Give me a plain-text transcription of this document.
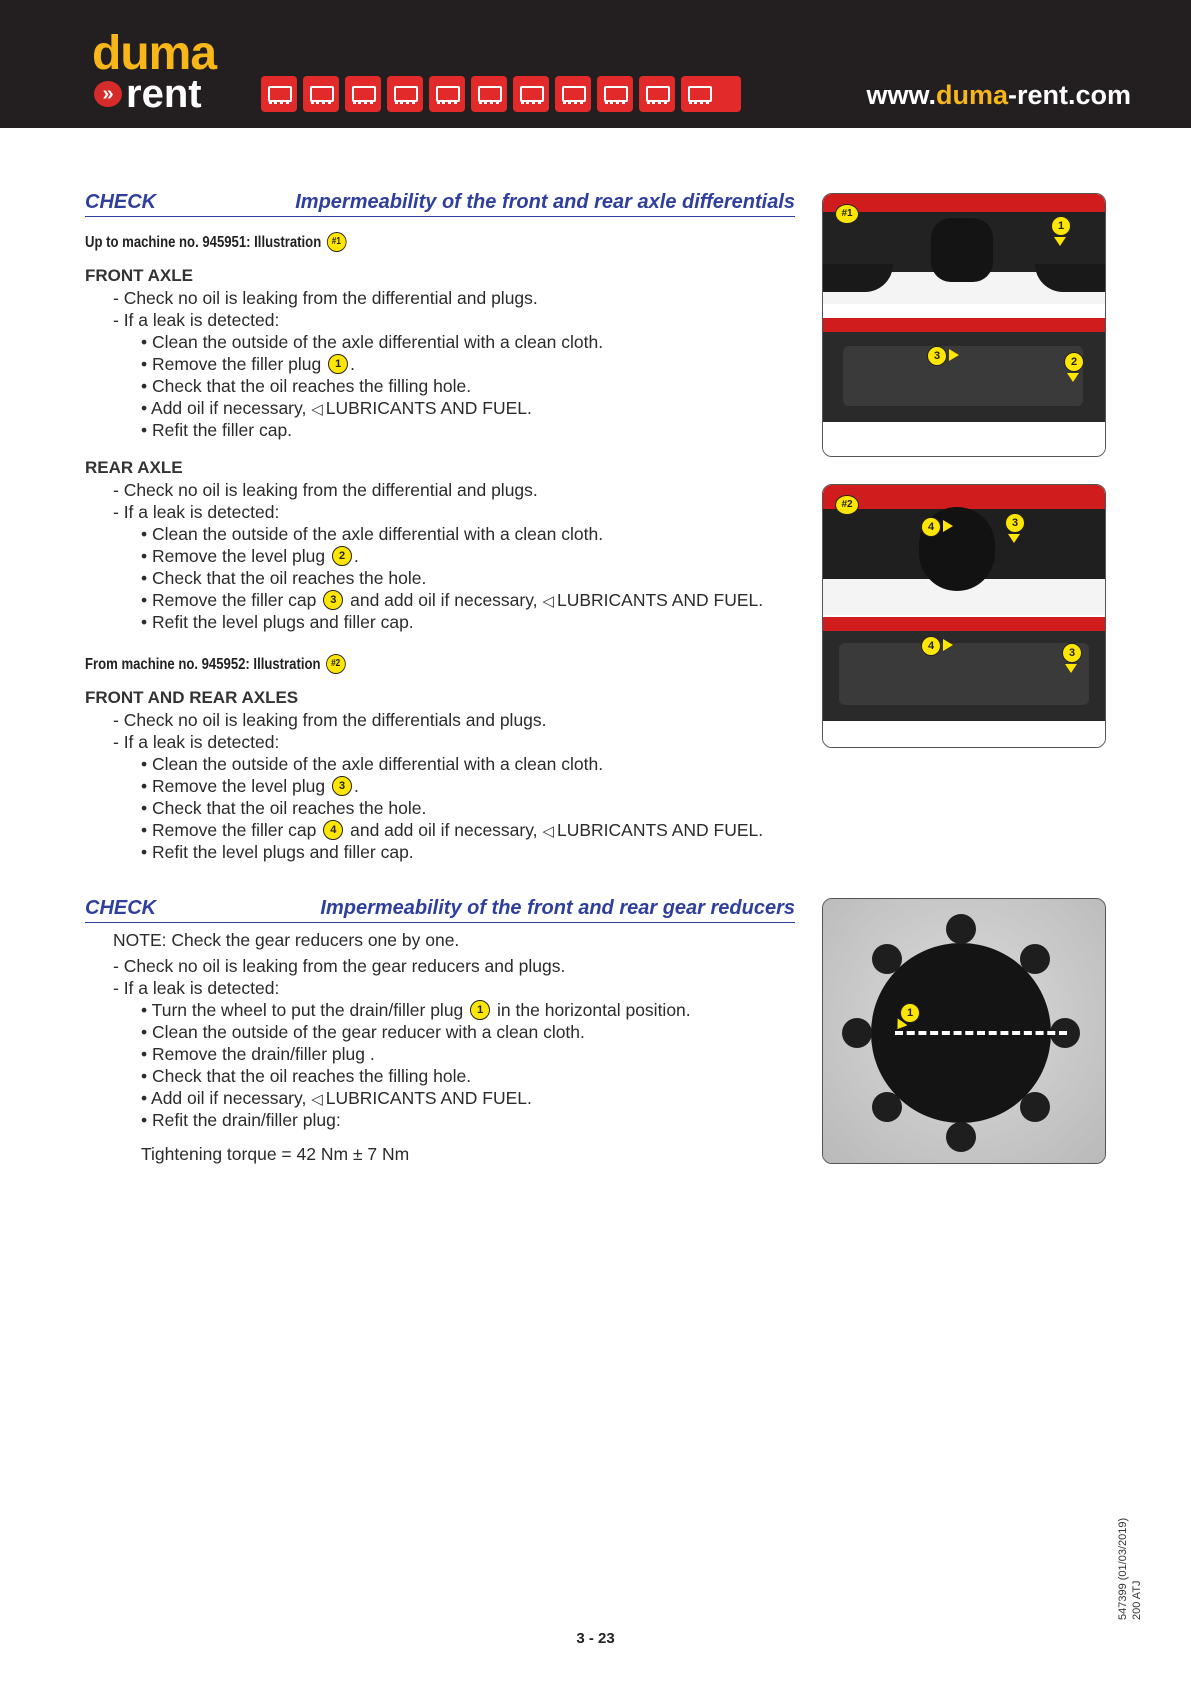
duma
» rent	www.duma-rent.com
CHECK	Impermeability of the front and rear axle differentials
Up to machine no. 945951: Illustration #1
FRONT AXLE
- Check no oil is leaking from the differential and plugs.
- If a leak is detected:
• Clean the outside of the axle differential with a clean cloth.
• Remove the filler plug 1 .
• Check that the oil reaches the filling hole.
• Add oil if necessary, ◁ LUBRICANTS AND FUEL.
• Refit the filler cap.
REAR AXLE
- Check no oil is leaking from the differential and plugs.
- If a leak is detected:
• Clean the outside of the axle differential with a clean cloth.
• Remove the level plug 2 .
• Check that the oil reaches the hole.
• Remove the filler cap 3 and add oil if necessary, ◁ LUBRICANTS AND FUEL.
• Refit the level plugs and filler cap.
From machine no. 945952: Illustration #2
FRONT AND REAR AXLES
- Check no oil is leaking from the differentials and plugs.
- If a leak is detected:
• Clean the outside of the axle differential with a clean cloth.
• Remove the level plug 3 .
• Check that the oil reaches the hole.
• Remove the filler cap 4 and add oil if necessary, ◁ LUBRICANTS AND FUEL.
• Refit the level plugs and filler cap.
#1
1
3	2
#2
4	3
4
3
CHECK	Impermeability of the front and rear gear reducers
NOTE: Check the gear reducers one by one.
- Check no oil is leaking from the gear reducers and plugs.
- If a leak is detected:
• Turn the wheel to put the drain/filler plug 1 in the horizontal position.
• Clean the outside of the gear reducer with a clean cloth.
• Remove the drain/filler plug .
• Check that the oil reaches the filling hole.
• Add oil if necessary, ◁ LUBRICANTS AND FUEL.
• Refit the drain/filler plug:
Tightening torque = 42 Nm ± 7 Nm
1
547399 (01/03/2019) 200 ATJ
3 - 23
